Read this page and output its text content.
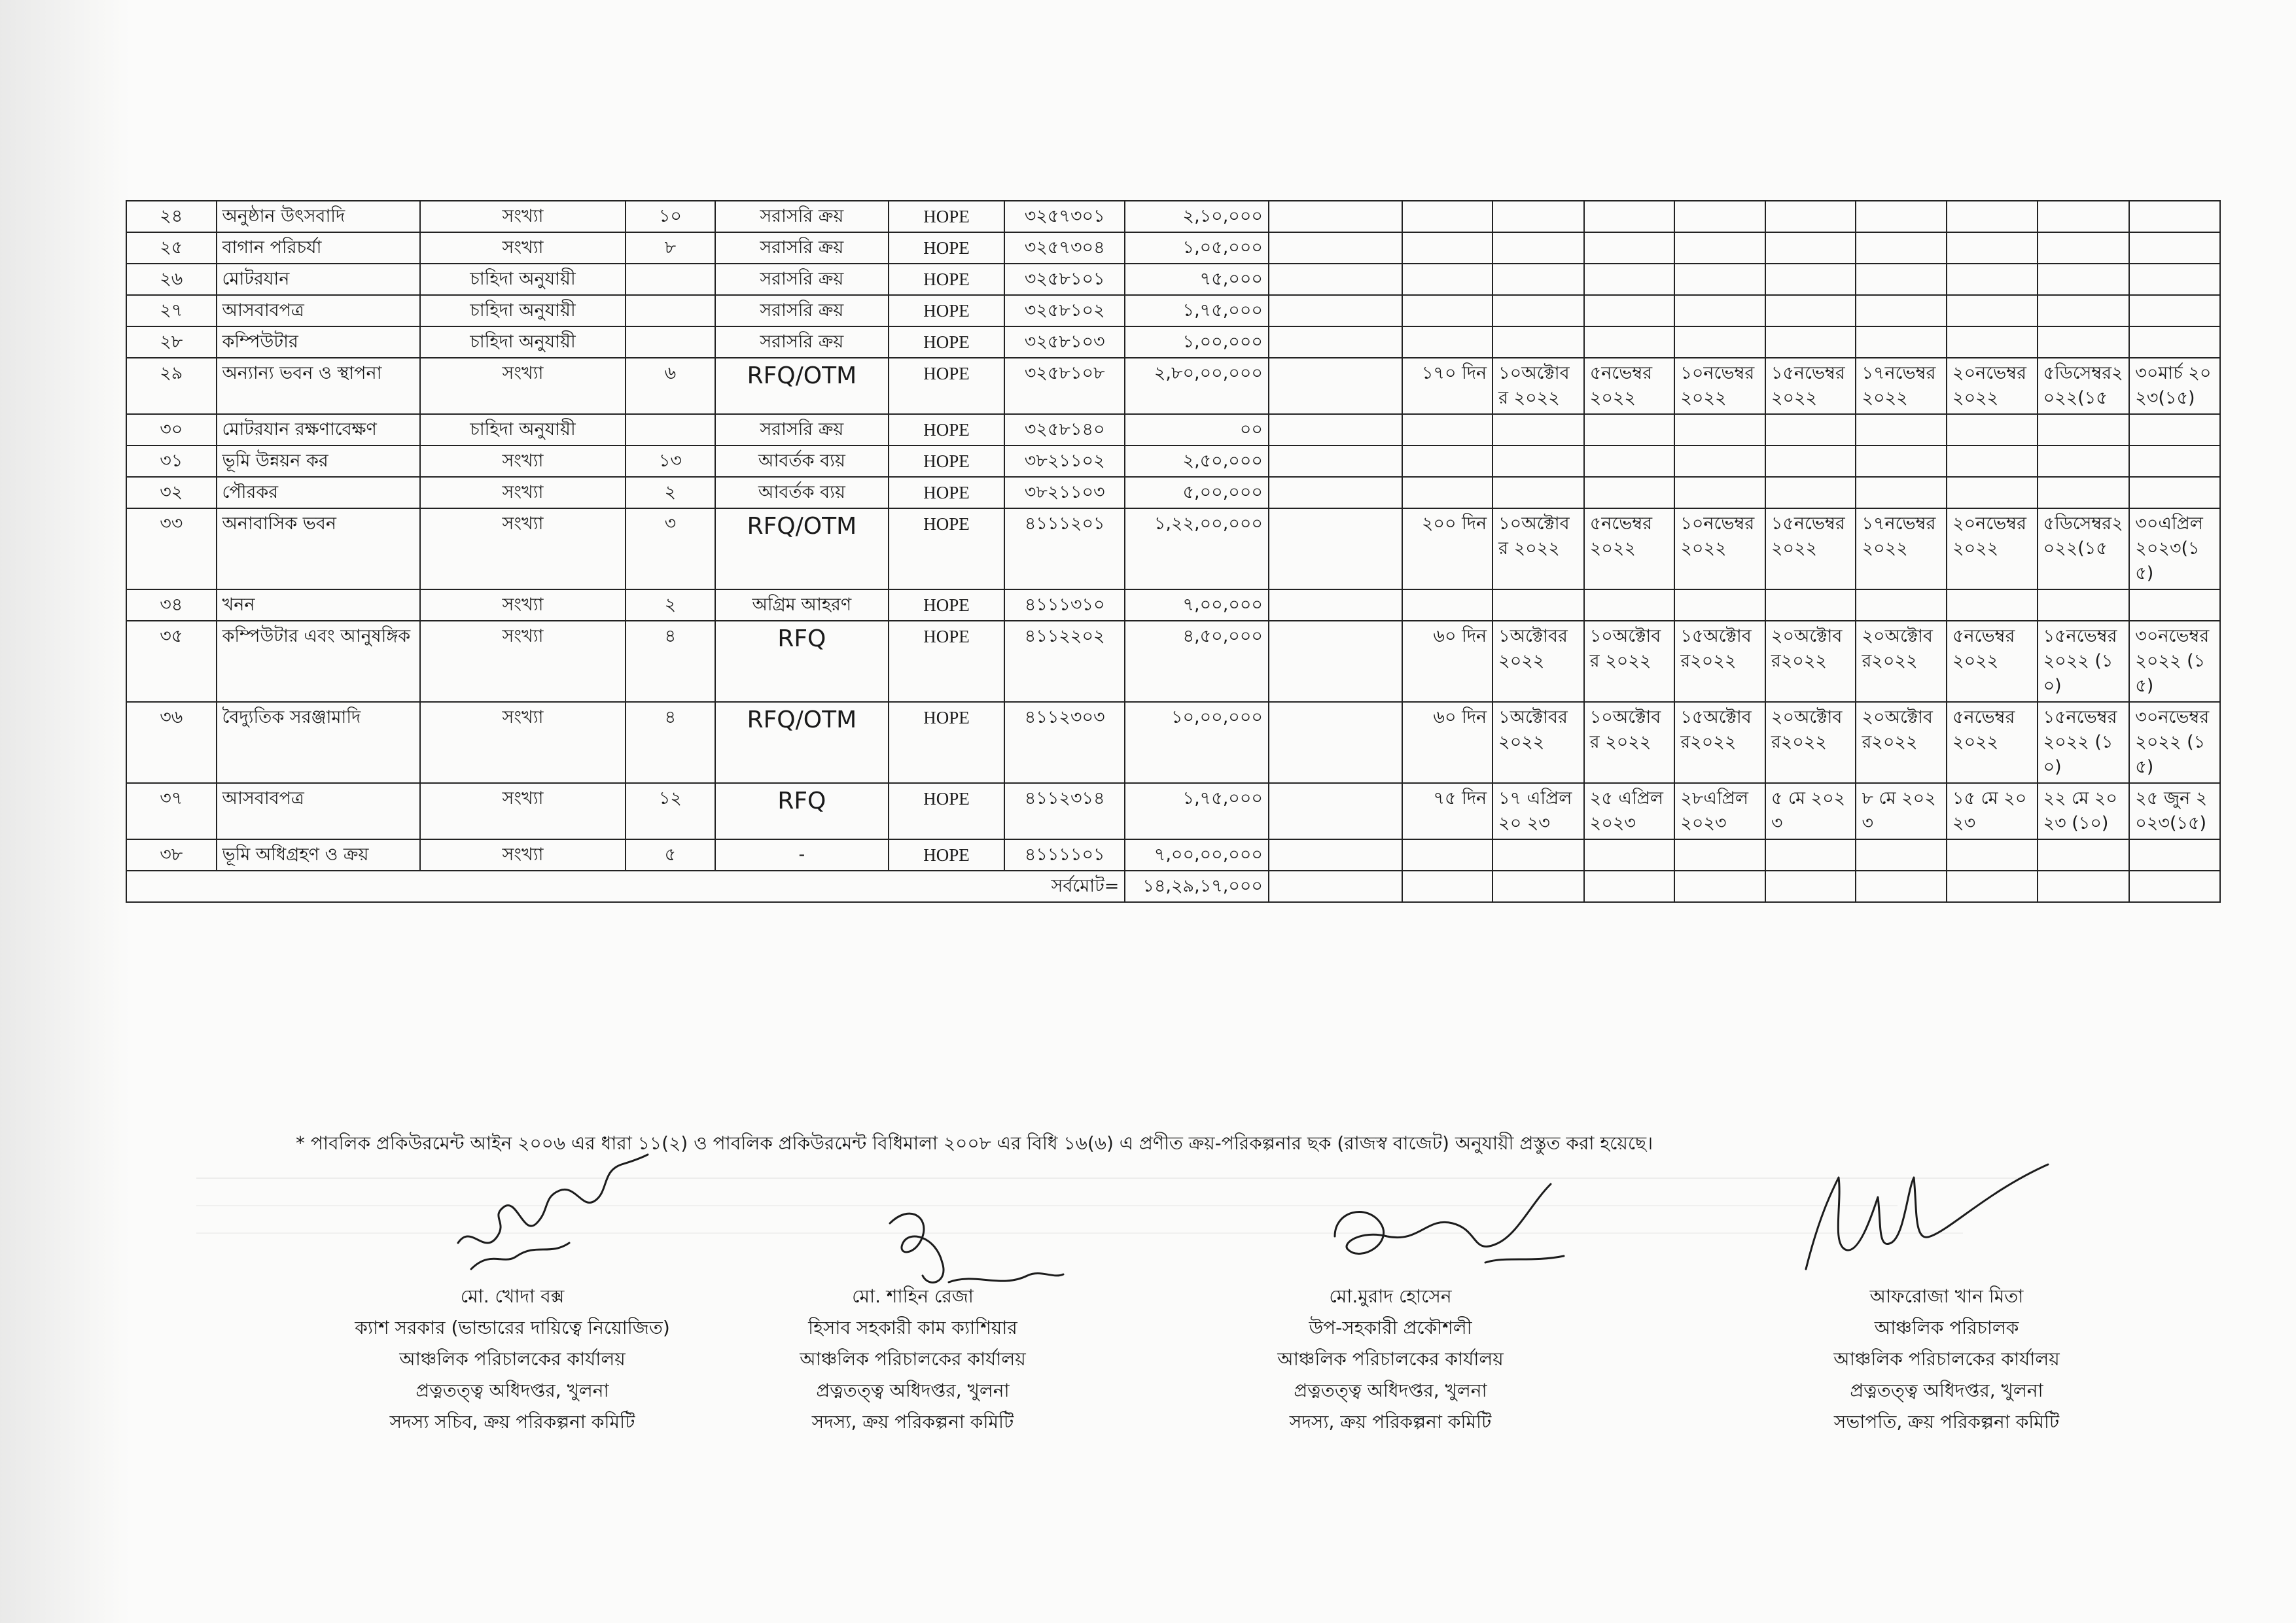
২৪	অনুষ্ঠান উৎসবাদি	সংখ্যা	১০	সরাসরি ক্রয়	HOPE	৩২৫৭৩০১	২,১০,০০০										
২৫	বাগান পরিচর্যা	সংখ্যা	৮	সরাসরি ক্রয়	HOPE	৩২৫৭৩০৪	১,০৫,০০০										
২৬	মোটরযান	চাহিদা অনুযায়ী		সরাসরি ক্রয়	HOPE	৩২৫৮১০১	৭৫,০০০										
২৭	আসবাবপত্র	চাহিদা অনুযায়ী		সরাসরি ক্রয়	HOPE	৩২৫৮১০২	১,৭৫,০০০										
২৮	কম্পিউটার	চাহিদা অনুযায়ী		সরাসরি ক্রয়	HOPE	৩২৫৮১০৩	১,০০,০০০										
২৯	অন্যান্য ভবন ও স্থাপনা	সংখ্যা	৬	RFQ/OTM	HOPE	৩২৫৮১০৮	২,৮০,০০,০০০		১৭০ দিন	১০অক্টোবর ২০২২	৫নভেম্বর ২০২২	১০নভেম্বর ২০২২	১৫নভেম্বর ২০২২	১৭নভেম্বর ২০২২	২০নভেম্বর ২০২২	৫ডিসেম্বর২০২২(১৫	৩০মার্চ ২০২৩(১৫)
৩০	মোটরযান রক্ষণাবেক্ষণ	চাহিদা অনুযায়ী		সরাসরি ক্রয়	HOPE	৩২৫৮১৪০	০০										
৩১	ভূমি উন্নয়ন কর	সংখ্যা	১৩	আবর্তক ব্যয়	HOPE	৩৮২১১০২	২,৫০,০০০										
৩২	পৌরকর	সংখ্যা	২	আবর্তক ব্যয়	HOPE	৩৮২১১০৩	৫,০০,০০০										
৩৩	অনাবাসিক ভবন	সংখ্যা	৩	RFQ/OTM	HOPE	৪১১১২০১	১,২২,০০,০০০		২০০ দিন	১০অক্টোবর ২০২২	৫নভেম্বর ২০২২	১০নভেম্বর ২০২২	১৫নভেম্বর ২০২২	১৭নভেম্বর ২০২২	২০নভেম্বর ২০২২	৫ডিসেম্বর২০২২(১৫	৩০এপ্রিল২০২৩(১৫)
৩৪	খনন	সংখ্যা	২	অগ্রিম আহরণ	HOPE	৪১১১৩১০	৭,০০,০০০										
৩৫	কম্পিউটার এবং আনুষঙ্গিক	সংখ্যা	৪	RFQ	HOPE	৪১১২২০২	৪,৫০,০০০		৬০ দিন	১অক্টোবর ২০২২	১০অক্টোবর ২০২২	১৫অক্টোবর২০২২	২০অক্টোবর২০২২	২০অক্টোবর২০২২	৫নভেম্বর ২০২২	১৫নভেম্বর ২০২২ (১০)	৩০নভেম্বর২০২২ (১৫)
৩৬	বৈদ্যুতিক সরঞ্জামাদি	সংখ্যা	৪	RFQ/OTM	HOPE	৪১১২৩০৩	১০,০০,০০০		৬০ দিন	১অক্টোবর ২০২২	১০অক্টোবর ২০২২	১৫অক্টোবর২০২২	২০অক্টোবর২০২২	২০অক্টোবর২০২২	৫নভেম্বর ২০২২	১৫নভেম্বর ২০২২ (১০)	৩০নভেম্বর২০২২ (১৫)
৩৭	আসবাবপত্র	সংখ্যা	১২	RFQ	HOPE	৪১১২৩১৪	১,৭৫,০০০		৭৫ দিন	১৭ এপ্রিল ২০ ২৩	২৫ এপ্রিল ২০২৩	২৮এপ্রিল ২০২৩	৫ মে ২০২৩	৮ মে ২০২৩	১৫ মে ২০২৩	২২ মে ২০২৩ (১০)	২৫ জুন ২০২৩(১৫)
৩৮	ভূমি অধিগ্রহণ ও ক্রয়	সংখ্যা	৫	-	HOPE	৪১১১১০১	৭,০০,০০,০০০										
সর্বমোট=							১৪,২৯,১৭,০০০										
* পাবলিক প্রকিউরমেন্ট আইন ২০০৬ এর ধারা ১১(২) ও পাবলিক প্রকিউরমেন্ট বিধিমালা ২০০৮ এর বিধি ১৬(৬) এ প্রণীত ক্রয়-পরিকল্পনার ছক (রাজস্ব বাজেট) অনুযায়ী প্রস্তুত করা হয়েছে।
মো. খোদা বক্স
ক্যাশ সরকার (ভান্ডারের দায়িত্বে নিয়োজিত)
আঞ্চলিক পরিচালকের কার্যালয়
প্রত্নতত্ত্ব অধিদপ্তর, খুলনা
সদস্য সচিব, ক্রয় পরিকল্পনা কমিটি
মো. শাহিন রেজা
হিসাব সহকারী কাম ক্যাশিয়ার
আঞ্চলিক পরিচালকের কার্যালয়
প্রত্নতত্ত্ব অধিদপ্তর, খুলনা
সদস্য, ক্রয় পরিকল্পনা কমিটি
মো.মুরাদ হোসেন
উপ-সহকারী প্রকৌশলী
আঞ্চলিক পরিচালকের কার্যালয়
প্রত্নতত্ত্ব অধিদপ্তর, খুলনা
সদস্য, ক্রয় পরিকল্পনা কমিটি
আফরোজা খান মিতা
আঞ্চলিক পরিচালক
আঞ্চলিক পরিচালকের কার্যালয়
প্রত্নতত্ত্ব অধিদপ্তর, খুলনা
সভাপতি, ক্রয় পরিকল্পনা কমিটি
